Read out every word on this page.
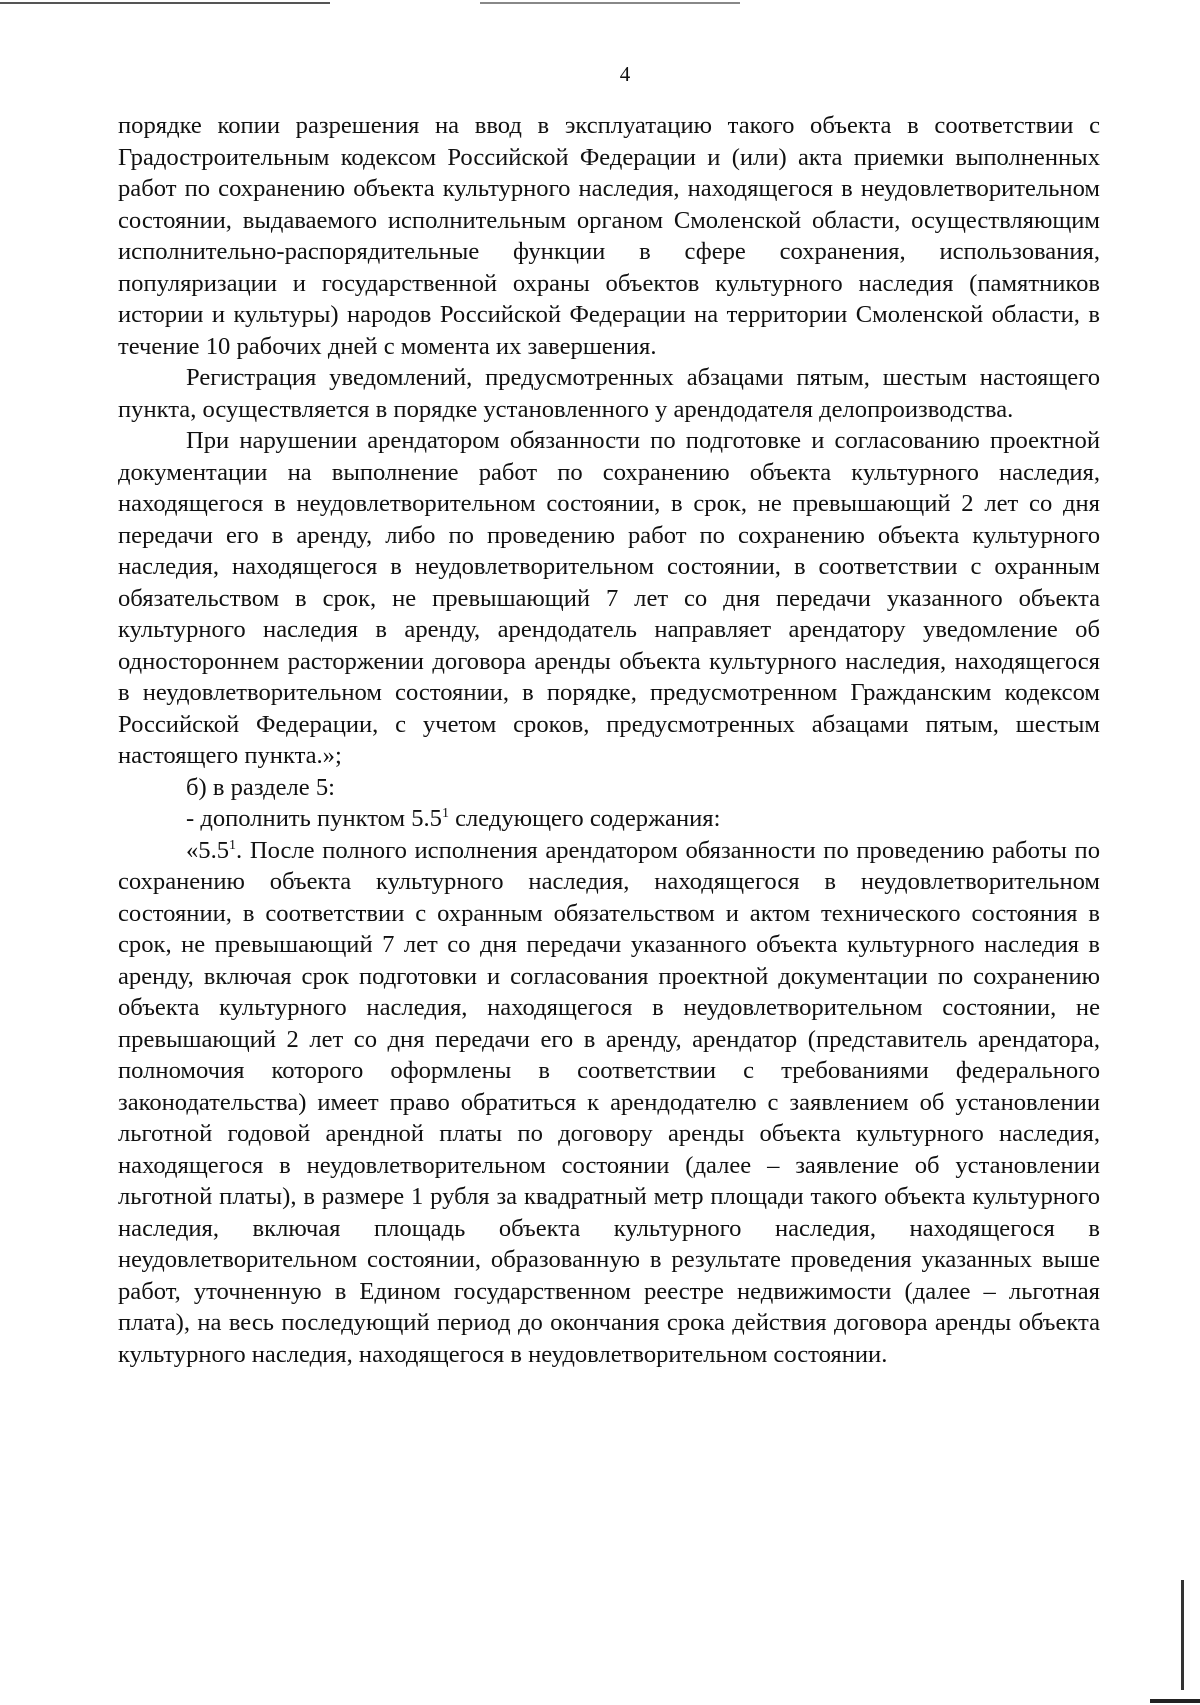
4

порядке копии разрешения на ввод в эксплуатацию такого объекта в соответствии с Градостроительным кодексом Российской Федерации и (или) акта приемки выполненных работ по сохранению объекта культурного наследия, находящегося в неудовлетворительном состоянии, выдаваемого исполнительным органом Смоленской области, осуществляющим исполнительно-распорядительные функции в сфере сохранения, использования, популяризации и государственной охраны объектов культурного наследия (памятников истории и культуры) народов Российской Федерации на территории Смоленской области, в течение 10 рабочих дней с момента их завершения.

Регистрация уведомлений, предусмотренных абзацами пятым, шестым настоящего пункта, осуществляется в порядке установленного у арендодателя делопроизводства.

При нарушении арендатором обязанности по подготовке и согласованию проектной документации на выполнение работ по сохранению объекта культурного наследия, находящегося в неудовлетворительном состоянии, в срок, не превышающий 2 лет со дня передачи его в аренду, либо по проведению работ по сохранению объекта культурного наследия, находящегося в неудовлетворительном состоянии, в соответствии с охранным обязательством в срок, не превышающий 7 лет со дня передачи указанного объекта культурного наследия в аренду, арендодатель направляет арендатору уведомление об одностороннем расторжении договора аренды объекта культурного наследия, находящегося в неудовлетворительном состоянии, в порядке, предусмотренном Гражданским кодексом Российской Федерации, с учетом сроков, предусмотренных абзацами пятым, шестым настоящего пункта.»;

б) в разделе 5:

- дополнить пунктом $5.5^1$ следующего содержания:

«$5.5^1$. После полного исполнения арендатором обязанности по проведению работы по сохранению объекта культурного наследия, находящегося в неудовлетворительном состоянии, в соответствии с охранным обязательством и актом технического состояния в срок, не превышающий 7 лет со дня передачи указанного объекта культурного наследия в аренду, включая срок подготовки и согласования проектной документации по сохранению объекта культурного наследия, находящегося в неудовлетворительном состоянии, не превышающий 2 лет со дня передачи его в аренду, арендатор (представитель арендатора, полномочия которого оформлены в соответствии с требованиями федерального законодательства) имеет право обратиться к арендодателю с заявлением об установлении льготной годовой арендной платы по договору аренды объекта культурного наследия, находящегося в неудовлетворительном состоянии (далее – заявление об установлении льготной платы), в размере 1 рубля за квадратный метр площади такого объекта культурного наследия, включая площадь объекта культурного наследия, находящегося в неудовлетворительном состоянии, образованную в результате проведения указанных выше работ, уточненную в Едином государственном реестре недвижимости (далее – льготная плата), на весь последующий период до окончания срока действия договора аренды объекта культурного наследия, находящегося в неудовлетворительном состоянии.
